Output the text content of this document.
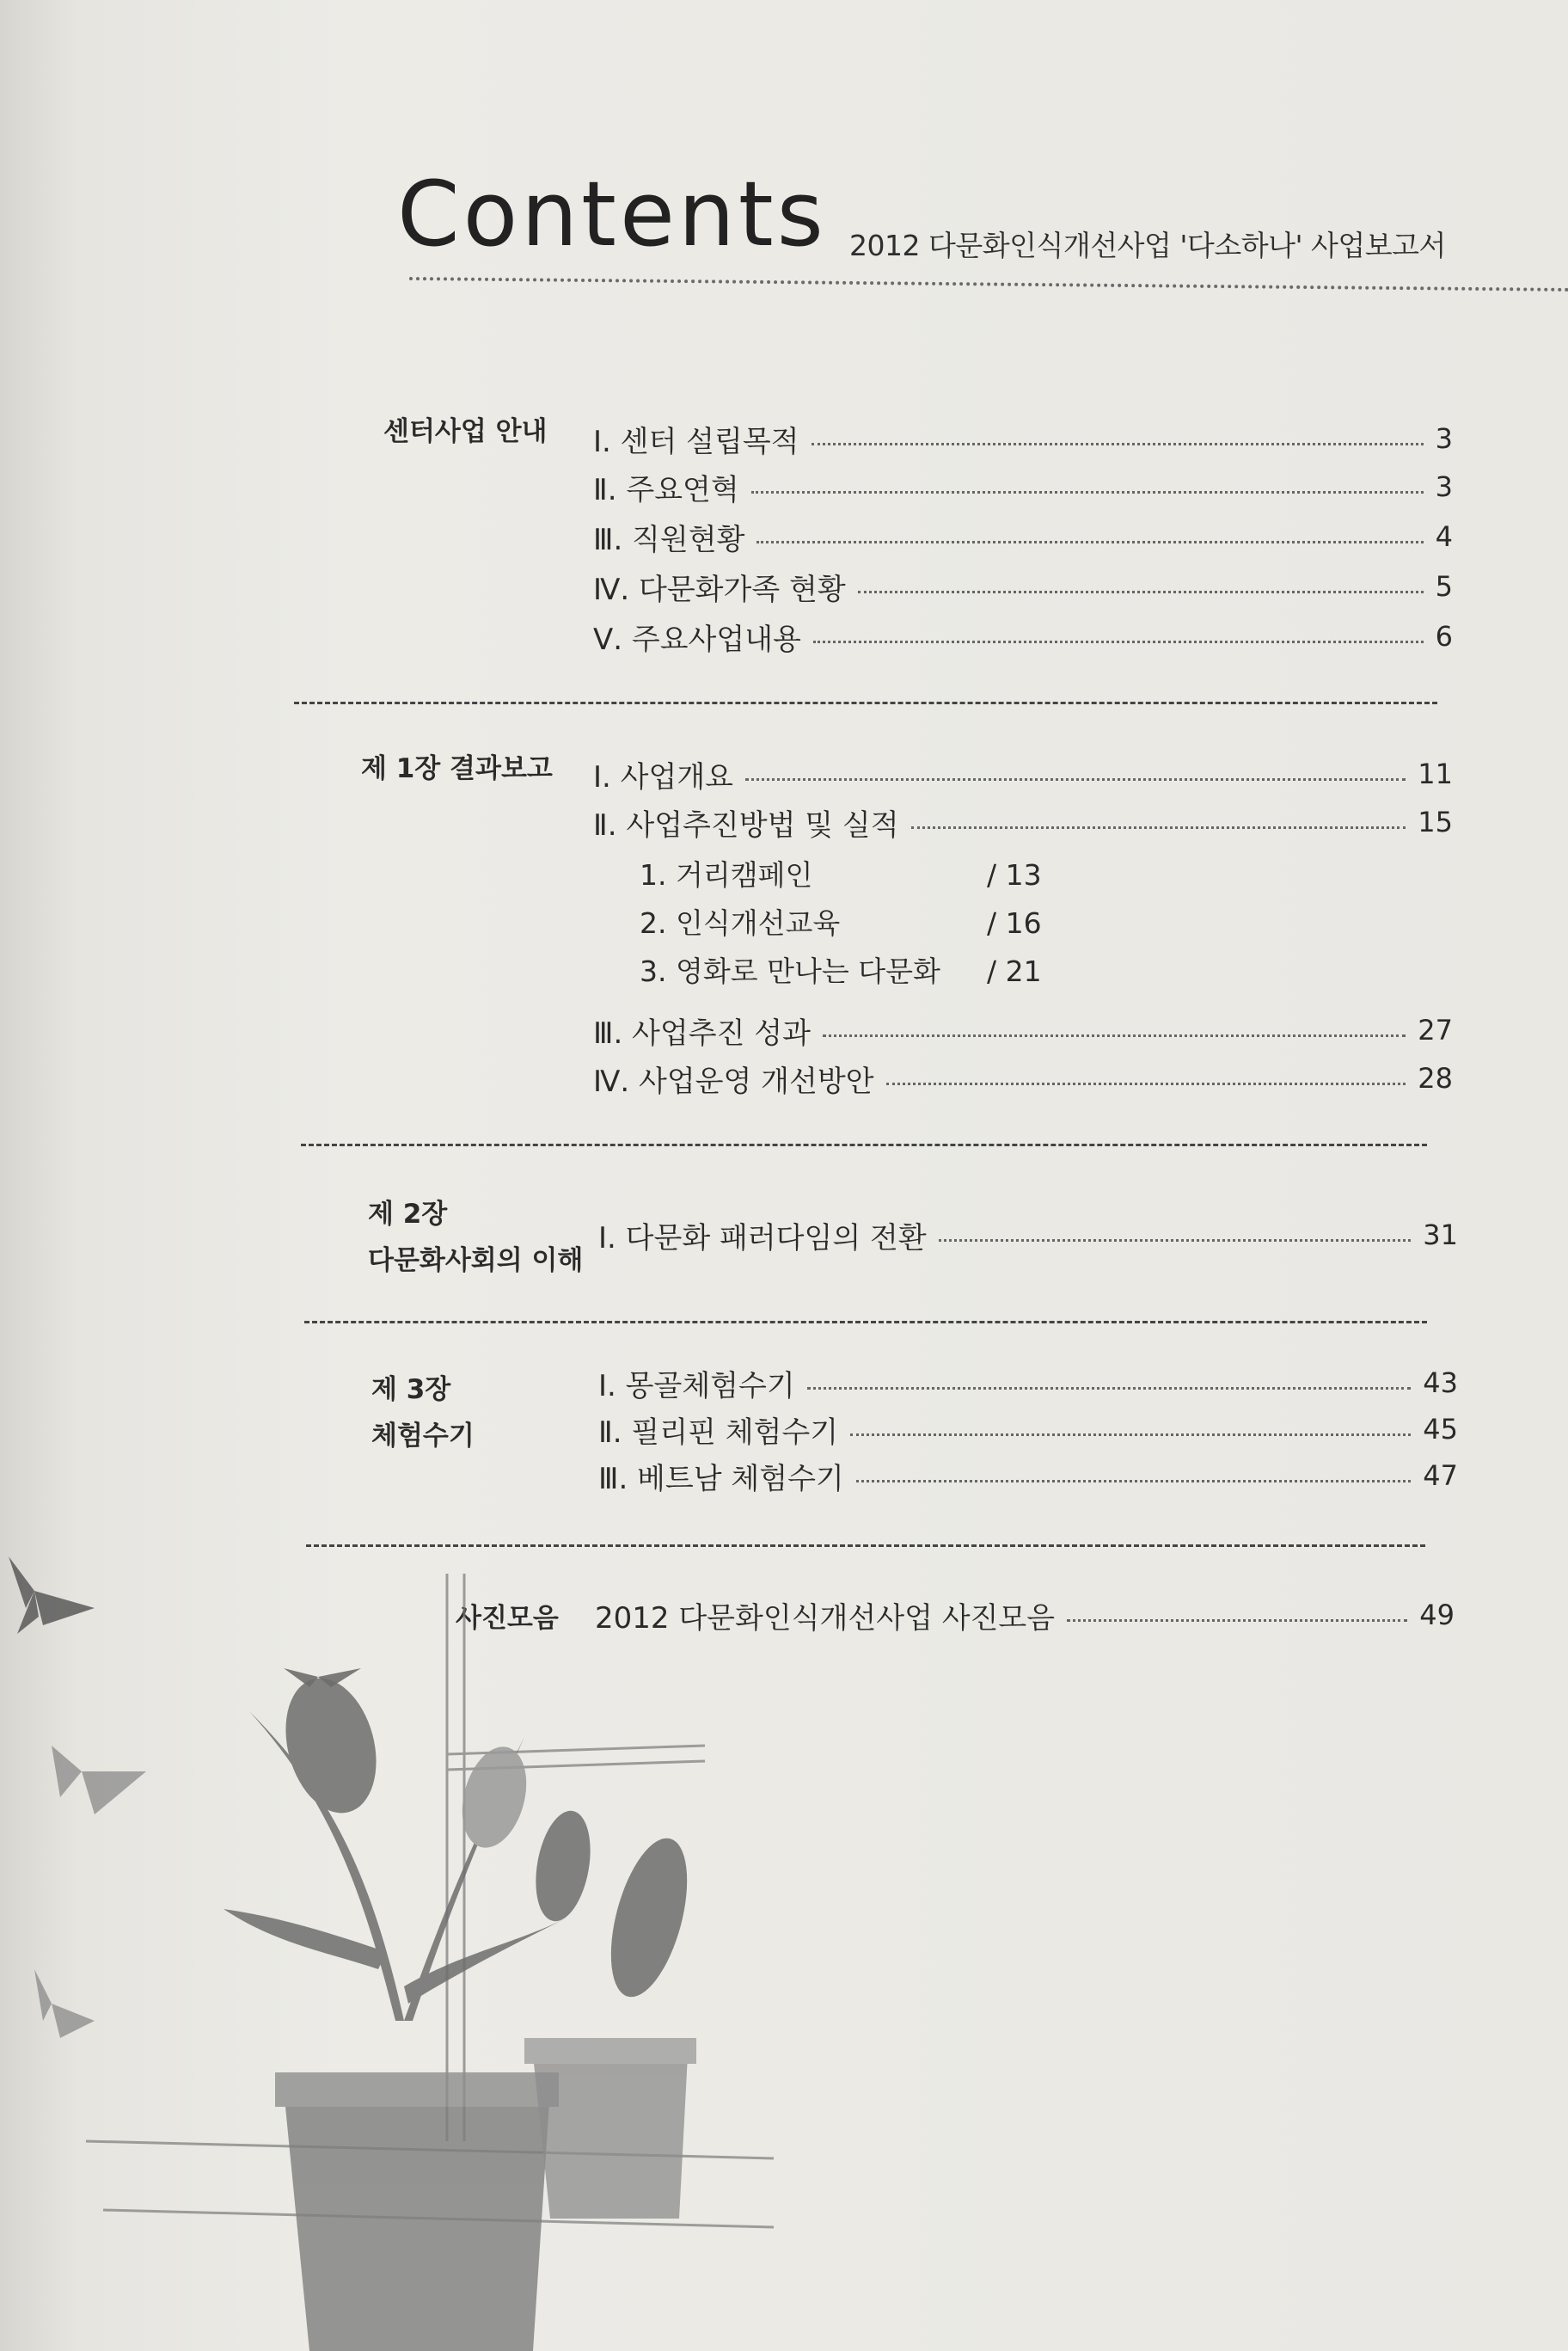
Contents 2012 다문화인식개선사업 '다소하나' 사업보고서
센터사업 안내 Ⅰ. 센터 설립목적	3
Ⅱ. 주요연혁	3
Ⅲ. 직원현황	4
Ⅳ. 다문화가족 현황	5
Ⅴ. 주요사업내용	6
제 1장 결과보고 Ⅰ. 사업개요	11
Ⅱ. 사업추진방법 및 실적	15
1. 거리캠페인	/ 13
2. 인식개선교육	/ 16
3. 영화로 만나는 다문화 / 21
Ⅲ. 사업추진 성과	27
Ⅳ. 사업운영 개선방안	28
제 2장
다문화사회의 이해
Ⅰ. 다문화 패러다임의 전환	31
제 3장
체험수기
Ⅰ. 몽골체험수기	43
Ⅱ. 필리핀 체험수기	45
Ⅲ. 베트남 체험수기	47
사진모음 2012 다문화인식개선사업 사진모음	49
